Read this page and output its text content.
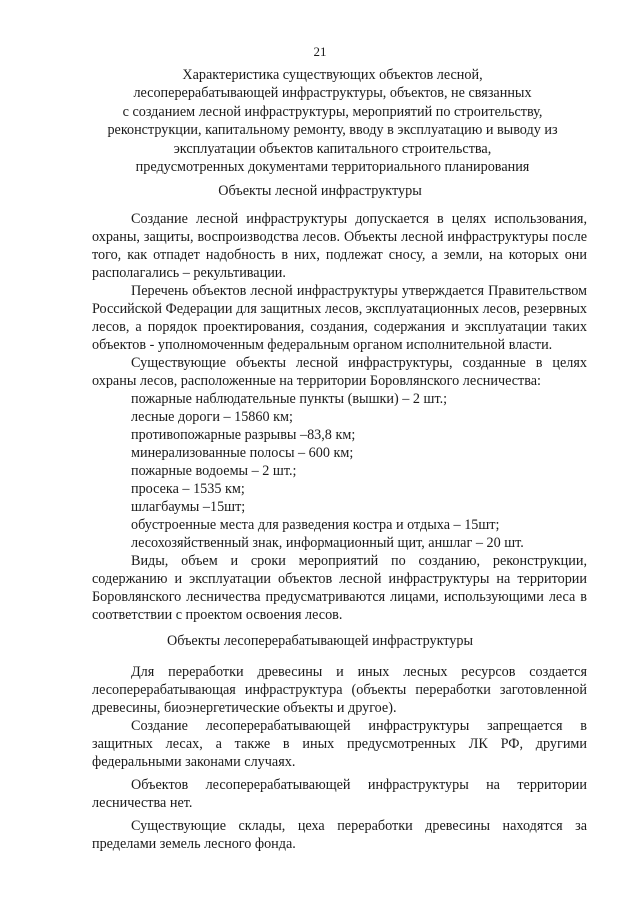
21
Характеристика существующих объектов лесной,
лесоперерабатывающей инфраструктуры, объектов, не связанных
с созданием лесной инфраструктуры, мероприятий по строительству,
реконструкции, капитальному ремонту, вводу в эксплуатацию и выводу из
эксплуатации объектов капитального строительства,
предусмотренных документами территориального планирования
Объекты лесной инфраструктуры

Создание лесной инфраструктуры допускается в целях использования, охраны, защиты, воспроизводства лесов. Объекты лесной инфраструктуры после того, как отпадет надобность в них, подлежат сносу, а земли, на которых они располагались – рекультивации.

Перечень объектов лесной инфраструктуры утверждается Правительством Российской Федерации для защитных лесов, эксплуатационных лесов, резервных лесов, а порядок проектирования, создания, содержания и эксплуатации таких объектов - уполномоченным федеральным органом исполнительной власти.

Существующие объекты лесной инфраструктуры, созданные в целях охраны лесов, расположенные на территории Боровлянского лесничества:

пожарные наблюдательные пункты (вышки) – 2 шт.;
лесные дороги – 15860 км;
противопожарные разрывы –83,8 км;
минерализованные полосы – 600 км;
пожарные водоемы – 2 шт.;
просека – 1535 км;
шлагбаумы –15шт;
обустроенные места для разведения костра и отдыха – 15шт;
лесохозяйственный знак, информационный щит, аншлаг – 20 шт.

Виды, объем и сроки мероприятий по созданию, реконструкции, содержанию и эксплуатации объектов лесной инфраструктуры на территории Боровлянского лесничества предусматриваются лицами, использующими леса в соответствии с проектом освоения лесов.

Объекты лесоперерабатывающей инфраструктуры

Для переработки древесины и иных лесных ресурсов создается лесоперерабатывающая инфраструктура (объекты переработки заготовленной древесины, биоэнергетические объекты и другое).

Создание лесоперерабатывающей инфраструктуры запрещается в защитных лесах, а также в иных предусмотренных ЛК РФ, другими федеральными законами случаях.

Объектов лесоперерабатывающей инфраструктуры на территории лесничества нет.

Существующие склады, цеха переработки древесины находятся за пределами земель лесного фонда.
